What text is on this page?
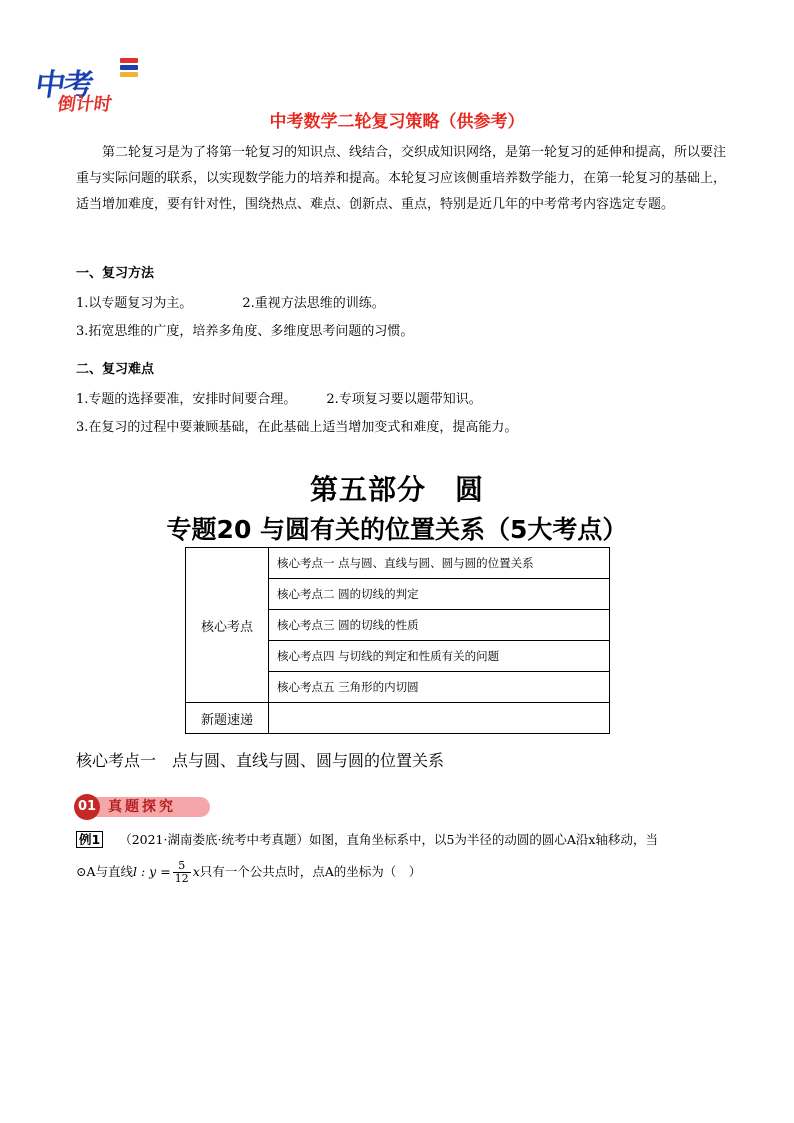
中考
倒计时
中考数学二轮复习策略（供参考）
第二轮复习是为了将第一轮复习的知识点、线结合，交织成知识网络，是第一轮复习的延伸和提高，所以要注重与实际问题的联系，以实现数学能力的培养和提高。本轮复习应该侧重培养数学能力，在第一轮复习的基础上，适当增加难度，要有针对性，围绕热点、难点、创新点、重点，特别是近几年的中考常考内容选定专题。
一、复习方法
1.以专题复习为主。	2.重视方法思维的训练。
3.拓宽思维的广度，培养多角度、多维度思考问题的习惯。
二、复习难点
1.专题的选择要准，安排时间要合理。 2.专项复习要以题带知识。
3.在复习的过程中要兼顾基础，在此基础上适当增加变式和难度，提高能力。
第五部分　圆
专题20 与圆有关的位置关系（5大考点）
核心考点	核心考点一 点与圆、直线与圆、圆与圆的位置关系
	核心考点二 圆的切线的判定
	核心考点三 圆的切线的性质
	核心考点四 与切线的判定和性质有关的问题
	核心考点五 三角形的内切圆
新题速递	
核心考点一　点与圆、直线与圆、圆与圆的位置关系
01 真题探究
例1 （2021·湖南娄底·统考中考真题）如图，直角坐标系中，以5为半径的动圆的圆心A沿x轴移动，当
⊙A与直线l : $y = \frac{5}{12}$ x只有一个公共点时，点A的坐标为（　）
